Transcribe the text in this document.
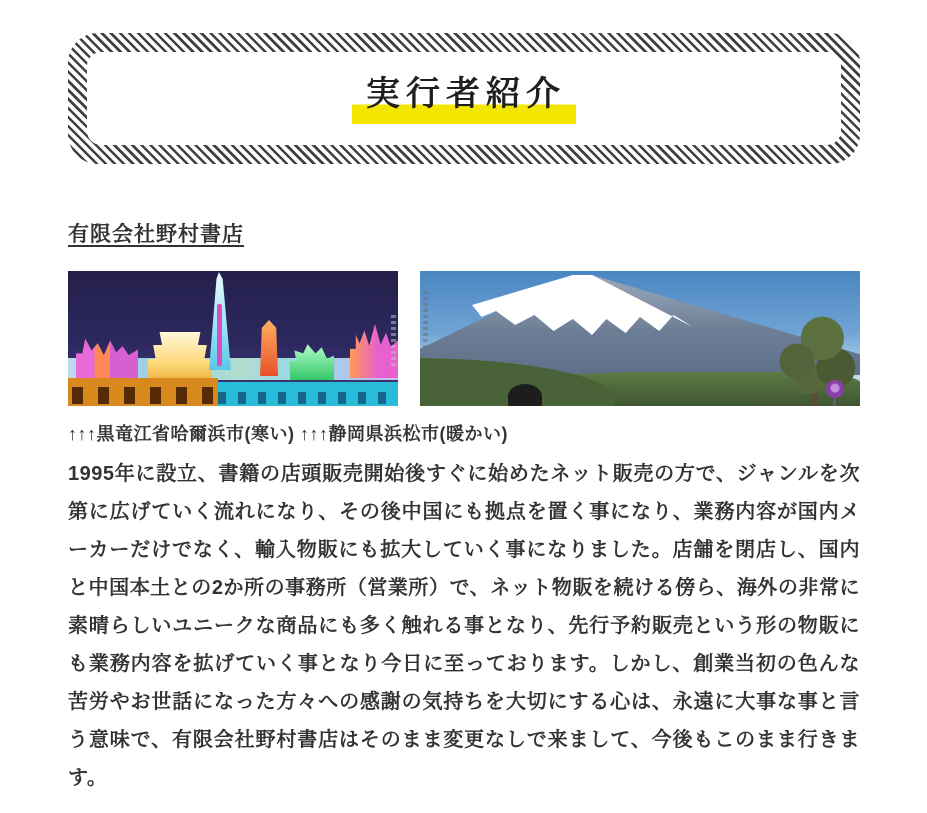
実行者紹介
有限会社野村書店
↑↑↑黒竜江省哈爾浜市(寒い) ↑↑↑静岡県浜松市(暖かい)

1995年に設立、書籍の店頭販売開始後すぐに始めたネット販売の方で、ジャンルを次第に広げていく流れになり、その後中国にも拠点を置く事になり、業務内容が国内メーカーだけでなく、輸入物販にも拡大していく事になりました。店舗を閉店し、国内と中国本土との2か所の事務所（営業所）で、ネット物販を続ける傍ら、海外の非常に素晴らしいユニークな商品にも多く触れる事となり、先行予約販売という形の物販にも業務内容を拡げていく事となり今日に至っております。しかし、創業当初の色んな苦労やお世話になった方々への感謝の気持ちを大切にする心は、永遠に大事な事と言う意味で、有限会社野村書店はそのまま変更なしで来まして、今後もこのまま行きます。
